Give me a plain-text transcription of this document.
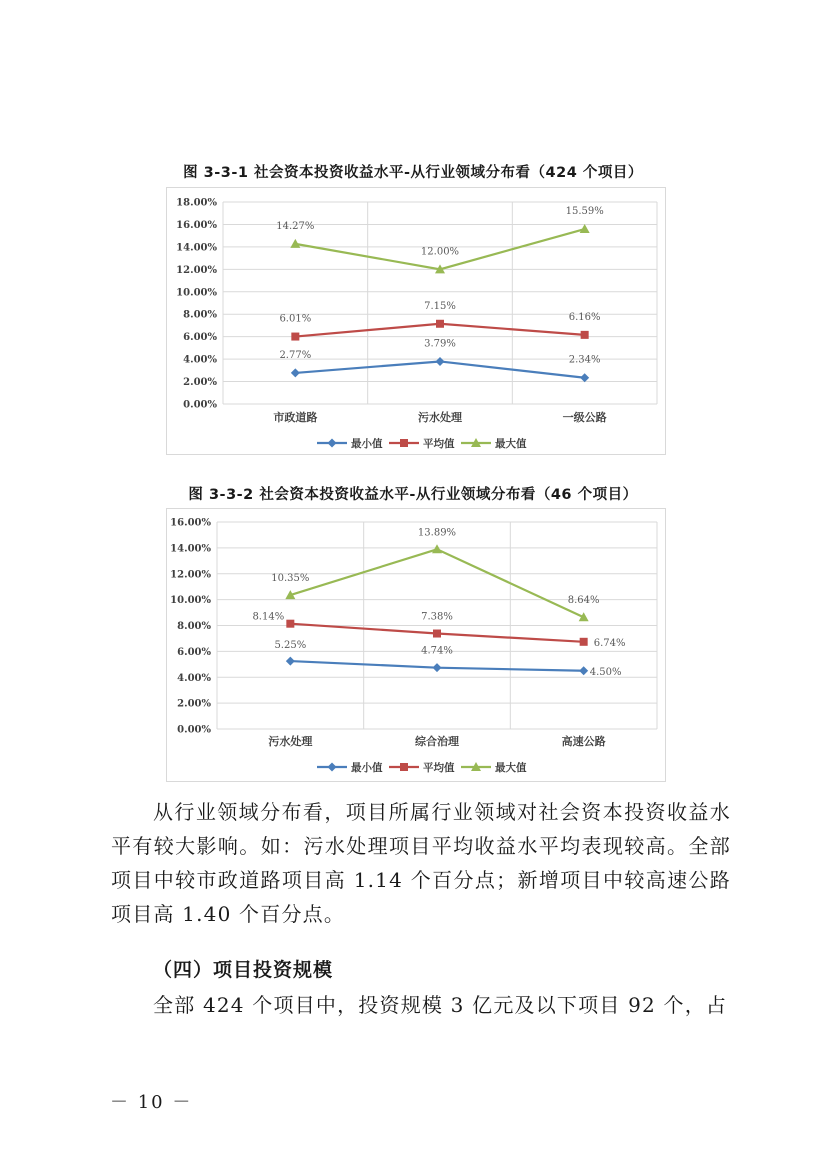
图 3-3-1 社会资本投资收益水平-从行业领域分布看（424 个项目）
0.00%
2.00%
4.00%
6.00%
8.00%
10.00%
12.00%
14.00%
16.00%
18.00%
市政道路	污水处理	一级公路
2.77%
3.79%
2.34%
6.01%
7.15%
6.16%
14.27%
12.00%
15.59%
最小值	平均值	最大值
图 3-3-2 社会资本投资收益水平-从行业领域分布看（46 个项目）
0.00%
2.00%
4.00%
6.00%
8.00%
10.00%
12.00%
14.00%
16.00%
污水处理	综合治理	高速公路
5.25%
4.74%
4.50%
8.14%	7.38%
6.74%
10.35%
13.89%
8.64%
最小值	平均值	最大值

从行业领域分布看，项目所属行业领域对社会资本投资收益水平有较大影响。如：污水处理项目平均收益水平均表现较高。全部项目中较市政道路项目高 1.14 个百分点；新增项目中较高速公路项目高 1.40 个百分点。

（四）项目投资规模
全部 424 个项目中，投资规模 3 亿元及以下项目 92 个，占
－ 10 －
